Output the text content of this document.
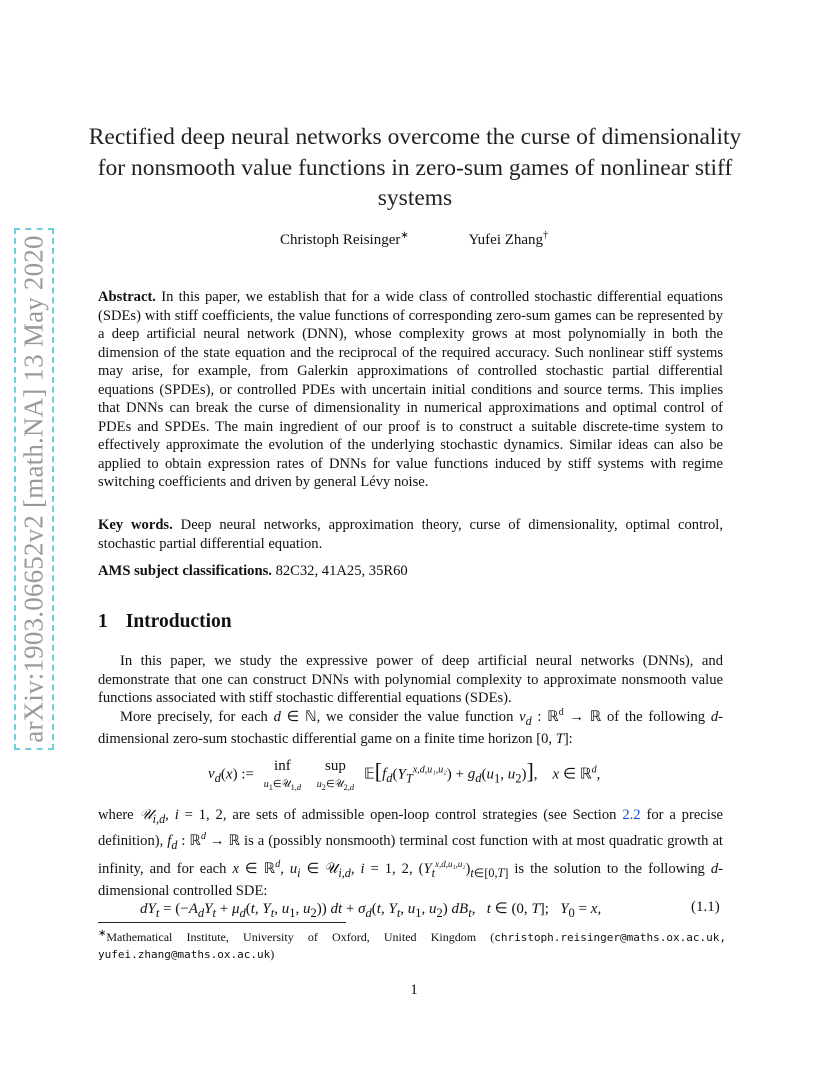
arXiv:1903.06652v2 [math.NA] 13 May 2020
Rectified deep neural networks overcome the curse of dimensionality for nonsmooth value functions in zero-sum games of nonlinear stiff systems
Christoph Reisinger∗	Yufei Zhang†
Abstract. In this paper, we establish that for a wide class of controlled stochastic differential equations (SDEs) with stiff coefficients, the value functions of corresponding zero-sum games can be represented by a deep artificial neural network (DNN), whose complexity grows at most polynomially in both the dimension of the state equation and the reciprocal of the required accuracy. Such nonlinear stiff systems may arise, for example, from Galerkin approximations of controlled stochastic partial differential equations (SPDEs), or controlled PDEs with uncertain initial conditions and source terms. This implies that DNNs can break the curse of dimensionality in numerical approximations and optimal control of PDEs and SPDEs. The main ingredient of our proof is to construct a suitable discrete-time system to effectively approximate the evolution of the underlying stochastic dynamics. Similar ideas can also be applied to obtain expression rates of DNNs for value functions induced by stiff systems with regime switching coefficients and driven by general Lévy noise.
Key words. Deep neural networks, approximation theory, curse of dimensionality, optimal control, stochastic partial differential equation.
AMS subject classifications. 82C32, 41A25, 35R60
1 Introduction
In this paper, we study the expressive power of deep artificial neural networks (DNNs), and demonstrate that one can construct DNNs with polynomial complexity to approximate nonsmooth value functions associated with stiff stochastic differential equations (SDEs).
More precisely, for each d ∈ ℕ, we consider the value function $v_d$ : ℝ$^d$ → ℝ of the following d-dimensional zero-sum stochastic differential game on a finite time horizon [0, T]:
$v_d(x)$ := inf
$u_1\in 𝒰_{1,d}$ sup
$u_2\in 𝒰_{2,d}$ $𝔼[f_d(Y_T^{x,d,u_1,u_2}) + g_d(u_1$, $u_2$)],    x ∈ ℝ$^d$,
where 𝒰$_{i,d}$, i = 1, 2, are sets of admissible open-loop control strategies (see Section 2.2 for a precise definition), $f_d$ : ℝ$^d$ → ℝ is a (possibly nonsmooth) terminal cost function with at most quadratic growth at infinity, and for each x ∈ ℝ$^d$, $u_i$ ∈ 𝒰$_{i,d}$, i = 1, 2, $(Y_t^{x,d,u_1,u_2})_{t\in[0,T]}$ is the solution to the following d-dimensional controlled SDE:
$dY_t = (-A_dY_t + \mu_d(t$, $Y_t$, $u_1$, $u_2$)) dt + $\sigma_d(t$, $Y_t$, $u_1$, $u_2$) $dB_t$,   t ∈ (0, T];   $Y_0 = x$,	(1.1)
∗Mathematical Institute, University of Oxford, United Kingdom (christoph.reisinger@maths.ox.ac.uk, yufei.zhang@maths.ox.ac.uk)
1
